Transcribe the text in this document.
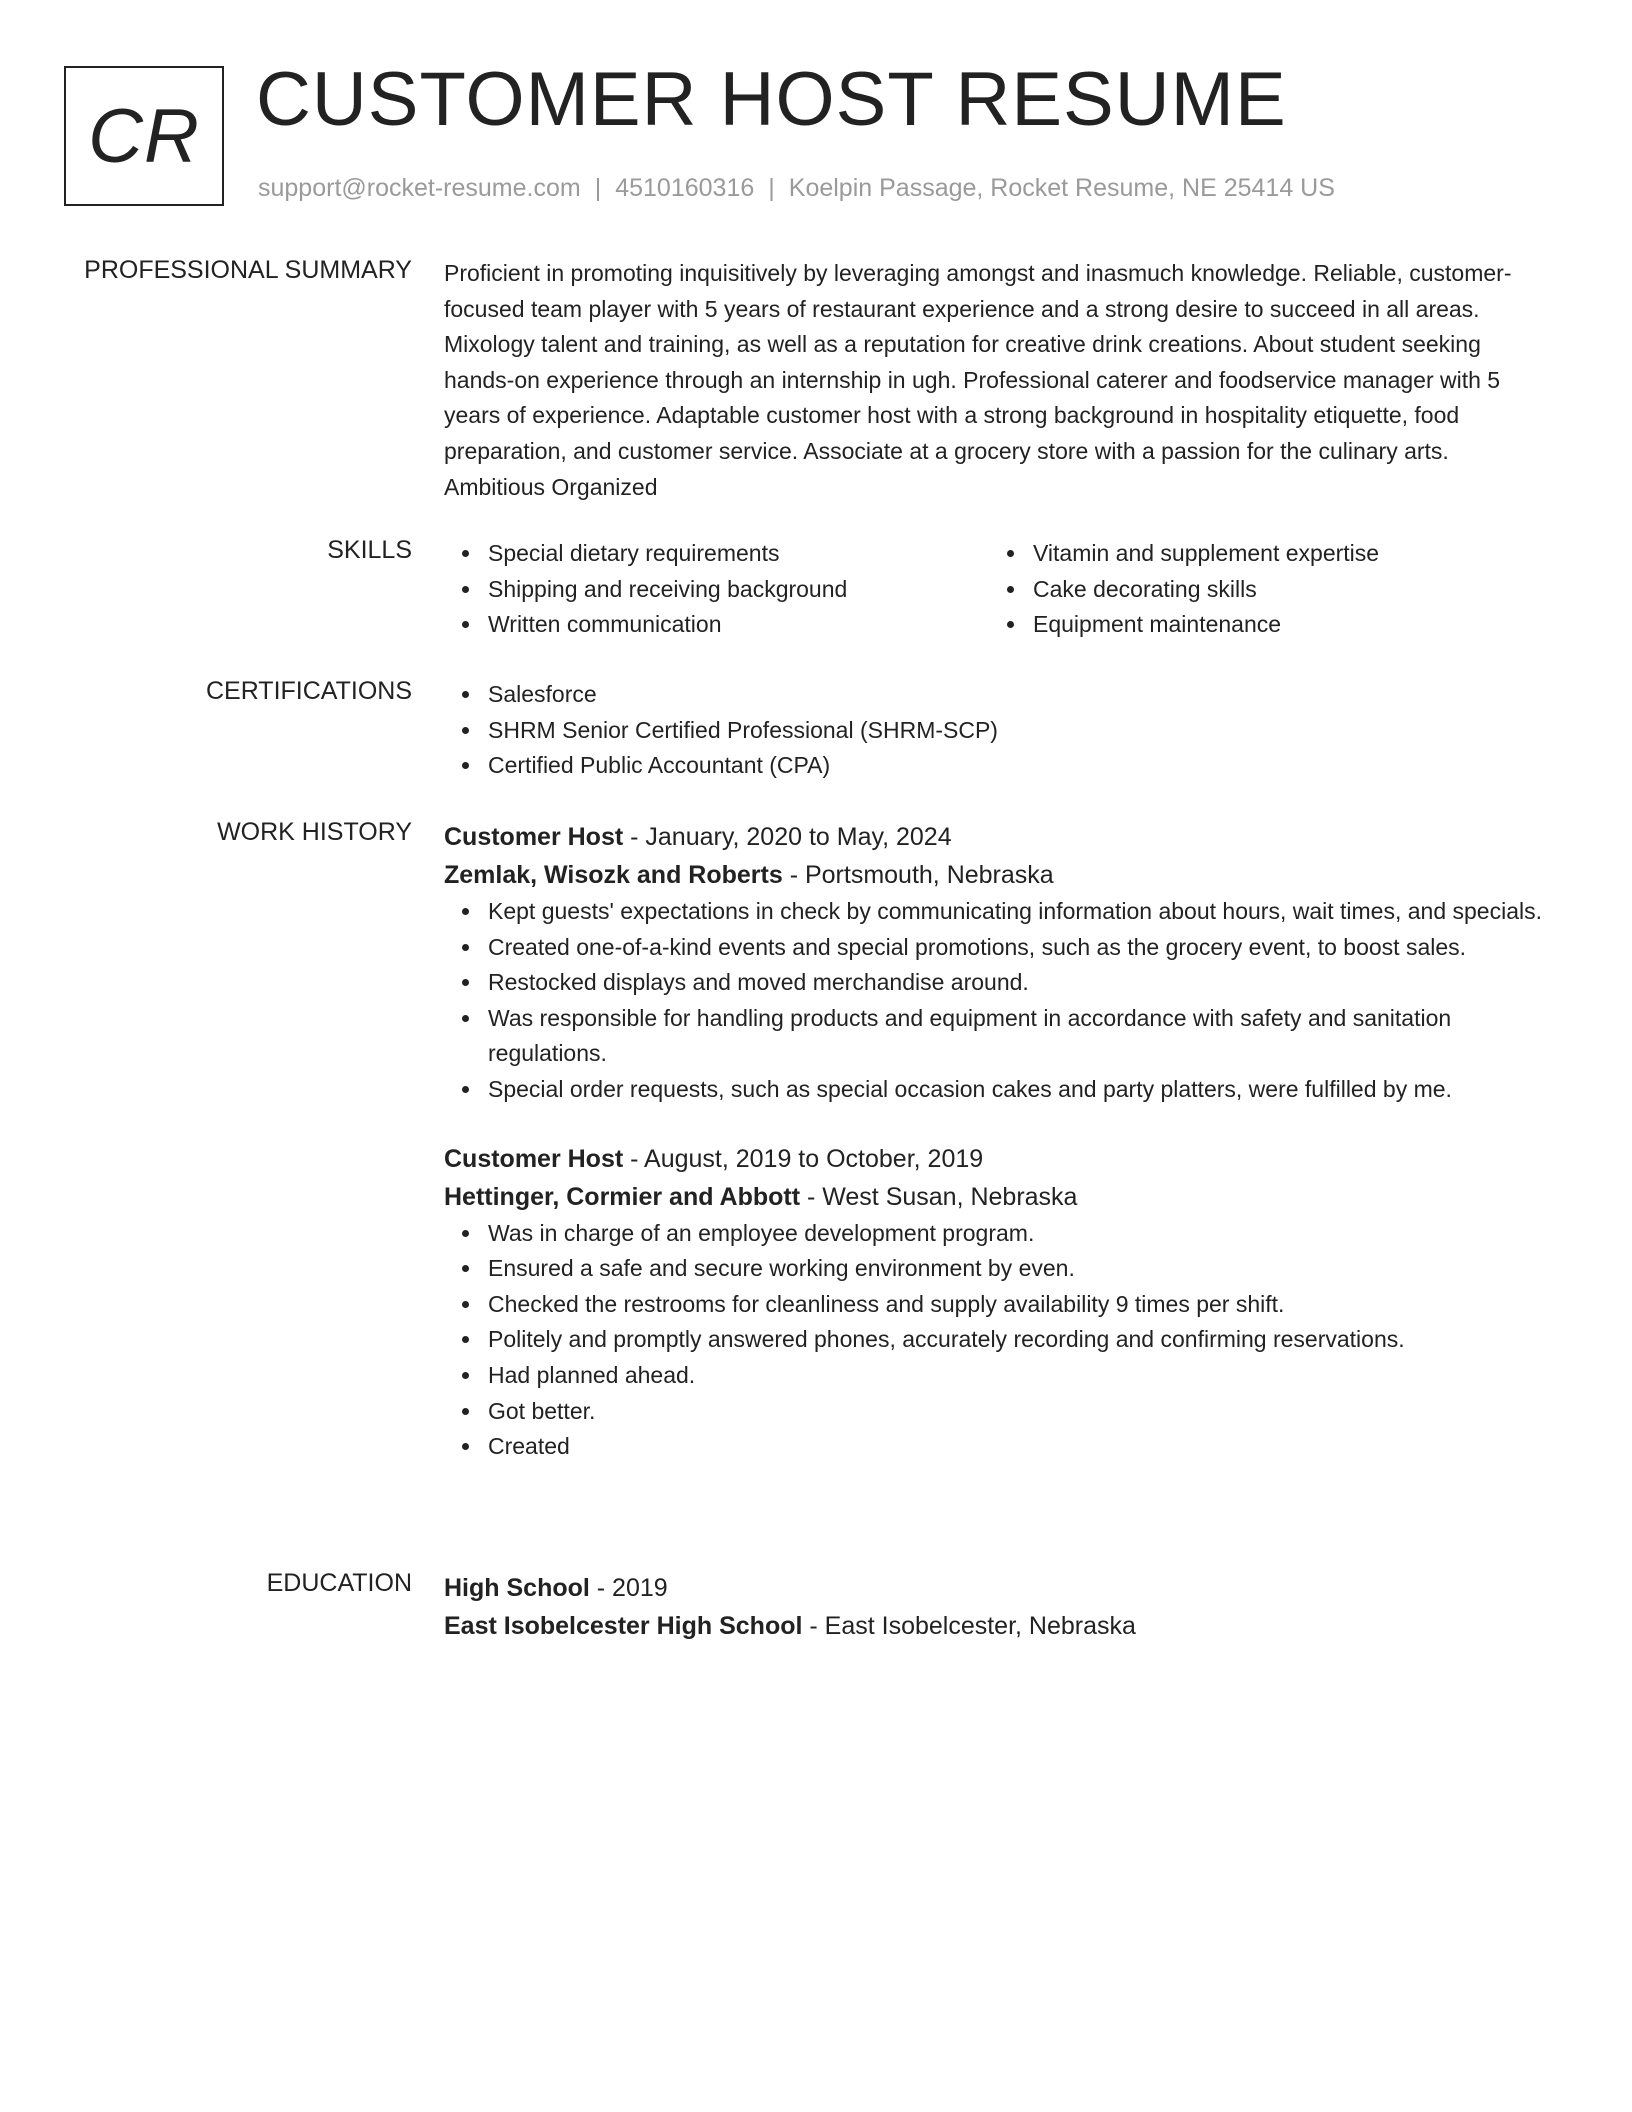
CR CUSTOMER HOST RESUME
support@rocket-resume.com | 4510160316 | Koelpin Passage, Rocket Resume, NE 25414 US
PROFESSIONAL SUMMARY Proficient in promoting inquisitively by leveraging amongst and inasmuch knowledge. Reliable, customer-focused team player with 5 years of restaurant experience and a strong desire to succeed in all areas. Mixology talent and training, as well as a reputation for creative drink creations. About student seeking hands-on experience through an internship in ugh. Professional caterer and foodservice manager with 5 years of experience. Adaptable customer host with a strong background in hospitality etiquette, food preparation, and customer service. Associate at a grocery store with a passion for the culinary arts. Ambitious Organized

SKILLS	Special dietary requirements
Shipping and receiving background
Written communication
Vitamin and supplement expertise
Cake decorating skills
Equipment maintenance
CERTIFICATIONS	Salesforce
SHRM Senior Certified Professional (SHRM-SCP)
Certified Public Accountant (CPA)
WORK HISTORY Customer Host - January, 2020 to May, 2024
Zemlak, Wisozk and Roberts - Portsmouth, Nebraska
Kept guests' expectations in check by communicating information about hours, wait times, and specials.
Created one-of-a-kind events and special promotions, such as the grocery event, to boost sales.
Restocked displays and moved merchandise around.
Was responsible for handling products and equipment in accordance with safety and sanitation regulations.
Special order requests, such as special occasion cakes and party platters, were fulfilled by me.
Customer Host - August, 2019 to October, 2019
Hettinger, Cormier and Abbott - West Susan, Nebraska
Was in charge of an employee development program.
Ensured a safe and secure working environment by even.
Checked the restrooms for cleanliness and supply availability 9 times per shift.
Politely and promptly answered phones, accurately recording and confirming reservations.
Had planned ahead.
Got better.
Created
EDUCATION High School - 2019
East Isobelcester High School - East Isobelcester, Nebraska
